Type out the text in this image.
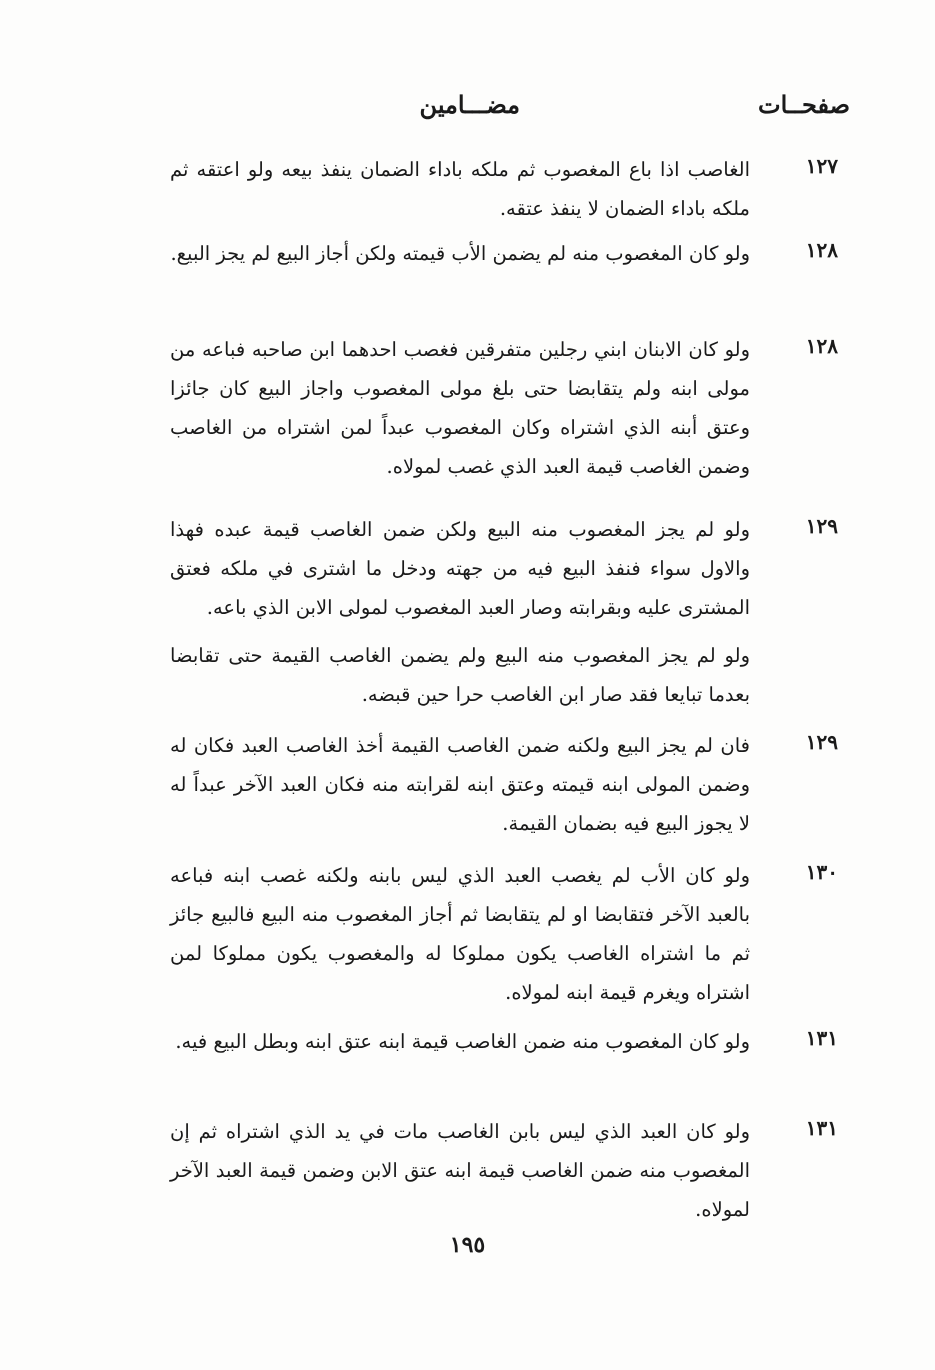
صفحــات
مضـــامين
١٢٧
الغاصب اذا باع المغصوب ثم ملكه باداء الضمان ينفذ بيعه ولو اعتقه ثم ملكه باداء الضمان لا ينفذ عتقه.
١٢٨
ولو كان المغصوب منه لم يضمن الأب قيمته ولكن أجاز البيع لم يجز البيع.
١٢٨
ولو كان الابنان ابني رجلين متفرقين فغصب احدهما ابن صاحبه فباعه من مولى ابنه ولم يتقابضا حتى بلغ مولى المغصوب واجاز البيع كان جائزا وعتق أبنه الذي اشتراه وكان المغصوب عبداً لمن اشتراه من الغاصب وضمن الغاصب قيمة العبد الذي غصب لمولاه.
١٢٩
ولو لم يجز المغصوب منه البيع ولكن ضمن الغاصب قيمة عبده فهذا والاول سواء فنفذ البيع فيه من جهته ودخل ما اشترى في ملكه فعتق المشترى عليه وبقرابته وصار العبد المغصوب لمولى الابن الذي باعه.
ولو لم يجز المغصوب منه البيع ولم يضمن الغاصب القيمة حتى تقابضا بعدما تبايعا فقد صار ابن الغاصب حرا حين قبضه.
١٢٩
فان لم يجز البيع ولكنه ضمن الغاصب القيمة أخذ الغاصب العبد فكان له وضمن المولى ابنه قيمته وعتق ابنه لقرابته منه فكان العبد الآخر عبداً له لا يجوز البيع فيه بضمان القيمة.
١٣٠
ولو كان الأب لم يغصب العبد الذي ليس بابنه ولكنه غصب ابنه فباعه بالعبد الآخر فتقابضا او لم يتقابضا ثم أجاز المغصوب منه البيع فالبيع جائز ثم ما اشتراه الغاصب يكون مملوكا له والمغصوب يكون مملوكا لمن اشتراه ويغرم قيمة ابنه لمولاه.
١٣١
ولو كان المغصوب منه ضمن الغاصب قيمة ابنه عتق ابنه وبطل البيع فيه.
١٣١
ولو كان العبد الذي ليس بابن الغاصب مات في يد الذي اشتراه ثم إن المغصوب منه ضمن الغاصب قيمة ابنه عتق الابن وضمن قيمة العبد الآخر لمولاه.
١٩٥
